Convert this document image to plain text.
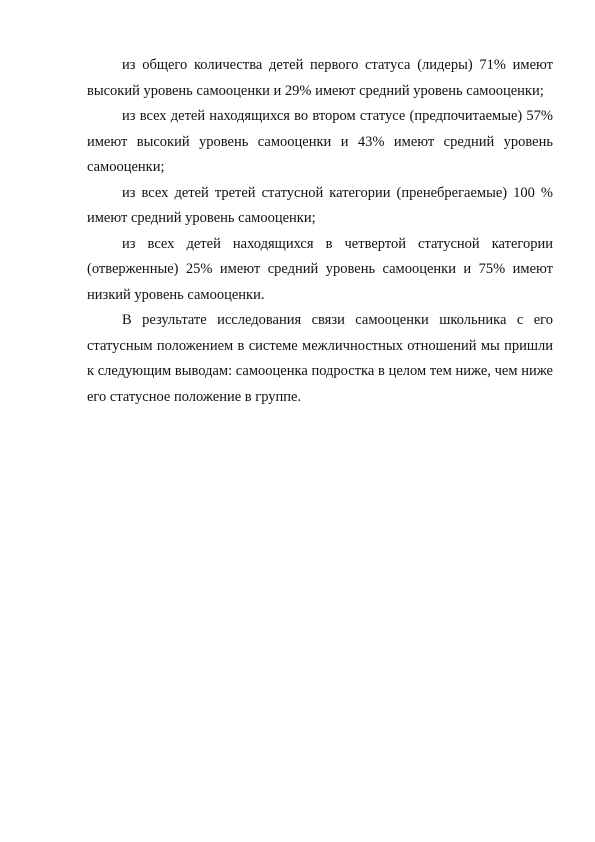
из общего количества детей первого статуса (лидеры) 71% имеют высокий уровень самооценки и 29% имеют средний уровень самооценки;

из всех детей находящихся во втором статусе (предпочитаемые) 57% имеют высокий уровень самооценки и 43% имеют средний уровень самооценки;

из всех детей третей статусной категории (пренебрегаемые) 100 % имеют средний уровень самооценки;

из всех детей находящихся в четвертой статусной категории (отверженные) 25% имеют средний уровень самооценки и 75% имеют низкий уровень самооценки.

В результате исследования связи самооценки школьника с его статусным положением в системе межличностных отношений мы пришли к следующим выводам: самооценка подростка в целом тем ниже, чем ниже его статусное положение в группе.
